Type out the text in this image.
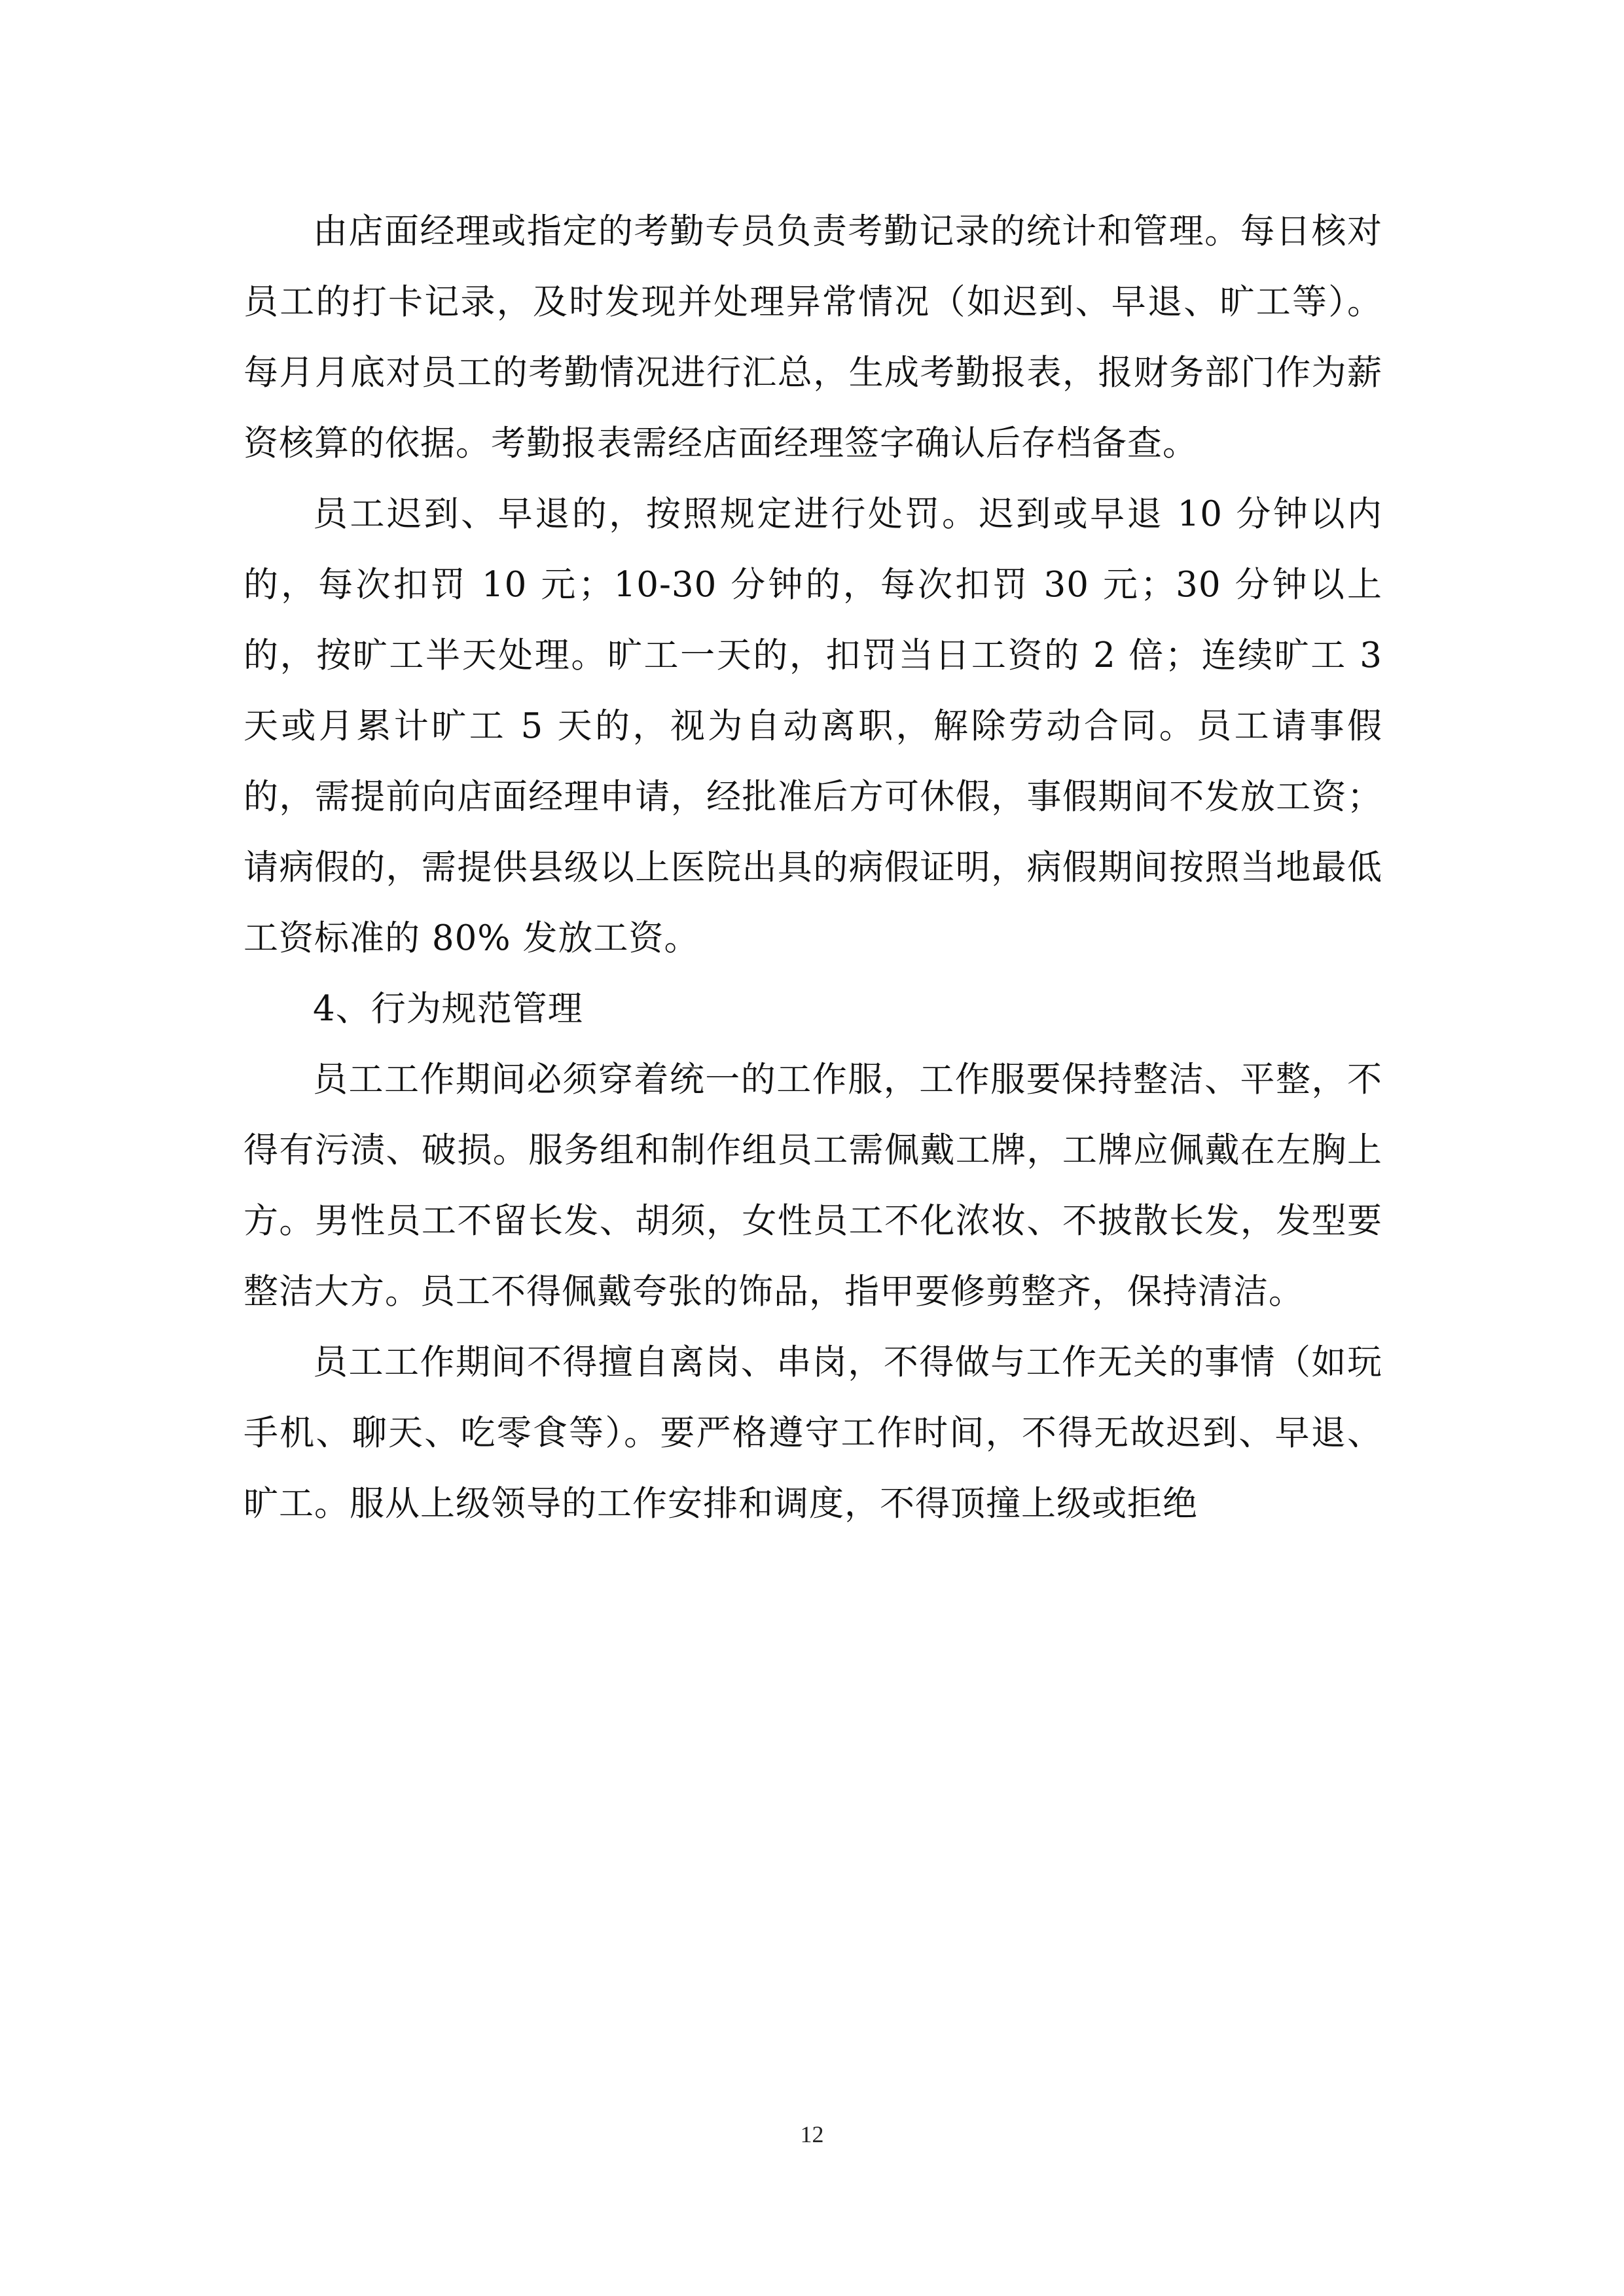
由店面经理或指定的考勤专员负责考勤记录的统计和管理。每日核对员工的打卡记录，及时发现并处理异常情况（如迟到、早退、旷工等）。每月月底对员工的考勤情况进行汇总，生成考勤报表，报财务部门作为薪资核算的依据。考勤报表需经店面经理签字确认后存档备查。

员工迟到、早退的，按照规定进行处罚。迟到或早退 10 分钟以内的，每次扣罚 10 元；10-30 分钟的，每次扣罚 30 元；30 分钟以上的，按旷工半天处理。旷工一天的，扣罚当日工资的 2 倍；连续旷工 3 天或月累计旷工 5 天的，视为自动离职，解除劳动合同。员工请事假的，需提前向店面经理申请，经批准后方可休假，事假期间不发放工资；请病假的，需提供县级以上医院出具的病假证明，病假期间按照当地最低工资标准的 80% 发放工资。

4、行为规范管理

员工工作期间必须穿着统一的工作服，工作服要保持整洁、平整，不得有污渍、破损。服务组和制作组员工需佩戴工牌，工牌应佩戴在左胸上方。男性员工不留长发、胡须，女性员工不化浓妆、不披散长发，发型要整洁大方。员工不得佩戴夸张的饰品，指甲要修剪整齐，保持清洁。

员工工作期间不得擅自离岗、串岗，不得做与工作无关的事情（如玩手机、聊天、吃零食等）。要严格遵守工作时间，不得无故迟到、早退、旷工。服从上级领导的工作安排和调度，不得顶撞上级或拒绝

12
